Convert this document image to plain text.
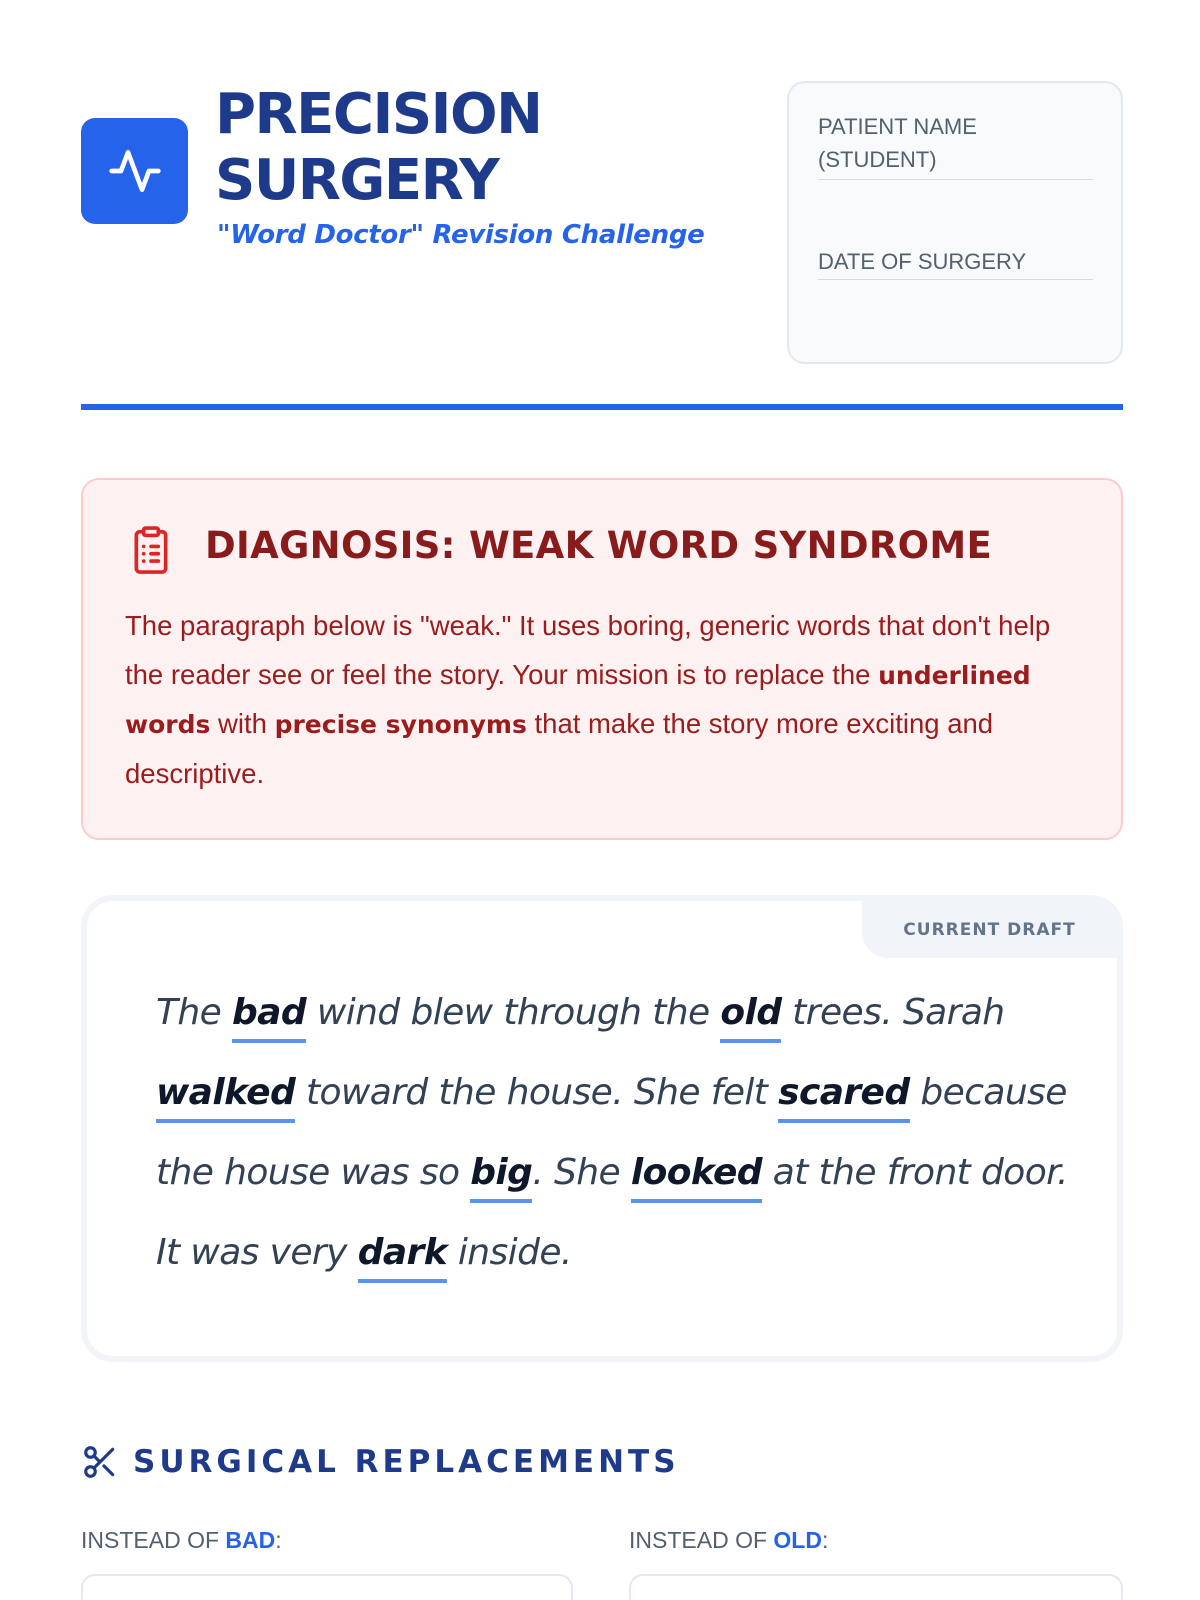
PRECISION
SURGERY
"Word Doctor" Revision Challenge
PATIENT NAME (STUDENT)
DATE OF SURGERY
DIAGNOSIS: WEAK WORD SYNDROME
The paragraph below is "weak." It uses boring, generic words that don't help the reader see or feel the story. Your mission is to replace the underlined words with precise synonyms that make the story more exciting and descriptive.
CURRENT DRAFT
The bad wind blew through the old trees. Sarah walked toward the house. She felt scared because the house was so big. She looked at the front door. It was very dark inside.
SURGICAL REPLACEMENTS
INSTEAD OF BAD:	INSTEAD OF OLD:
